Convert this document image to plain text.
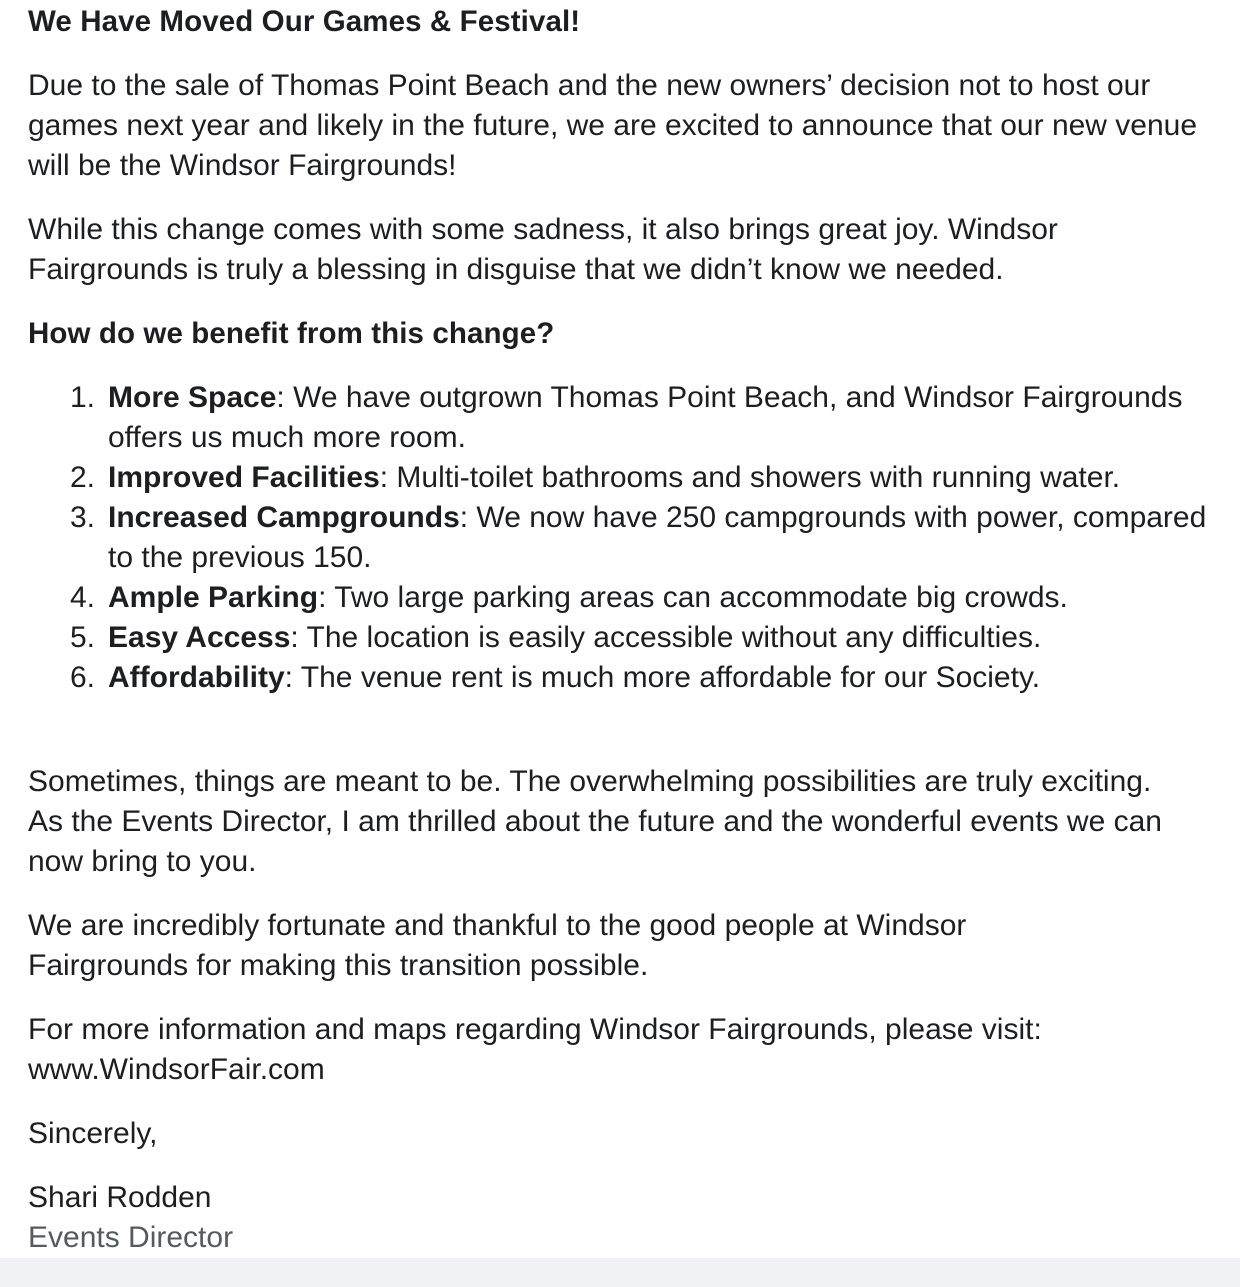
We Have Moved Our Games & Festival!

Due to the sale of Thomas Point Beach and the new owners’ decision not to host our games next year and likely in the future, we are excited to announce that our new venue will be the Windsor Fairgrounds!

While this change comes with some sadness, it also brings great joy. Windsor Fairgrounds is truly a blessing in disguise that we didn’t know we needed.

How do we benefit from this change?

1. More Space: We have outgrown Thomas Point Beach, and Windsor Fairgrounds offers us much more room.
2. Improved Facilities: Multi-toilet bathrooms and showers with running water.
3. Increased Campgrounds: We now have 250 campgrounds with power, compared to the previous 150.
4. Ample Parking: Two large parking areas can accommodate big crowds.
5. Easy Access: The location is easily accessible without any difficulties.
6. Affordability: The venue rent is much more affordable for our Society.

Sometimes, things are meant to be. The overwhelming possibilities are truly exciting. As the Events Director, I am thrilled about the future and the wonderful events we can now bring to you.

We are incredibly fortunate and thankful to the good people at Windsor Fairgrounds for making this transition possible.

For more information and maps regarding Windsor Fairgrounds, please visit:
www.WindsorFair.com

Sincerely,

Shari Rodden
Events Director
